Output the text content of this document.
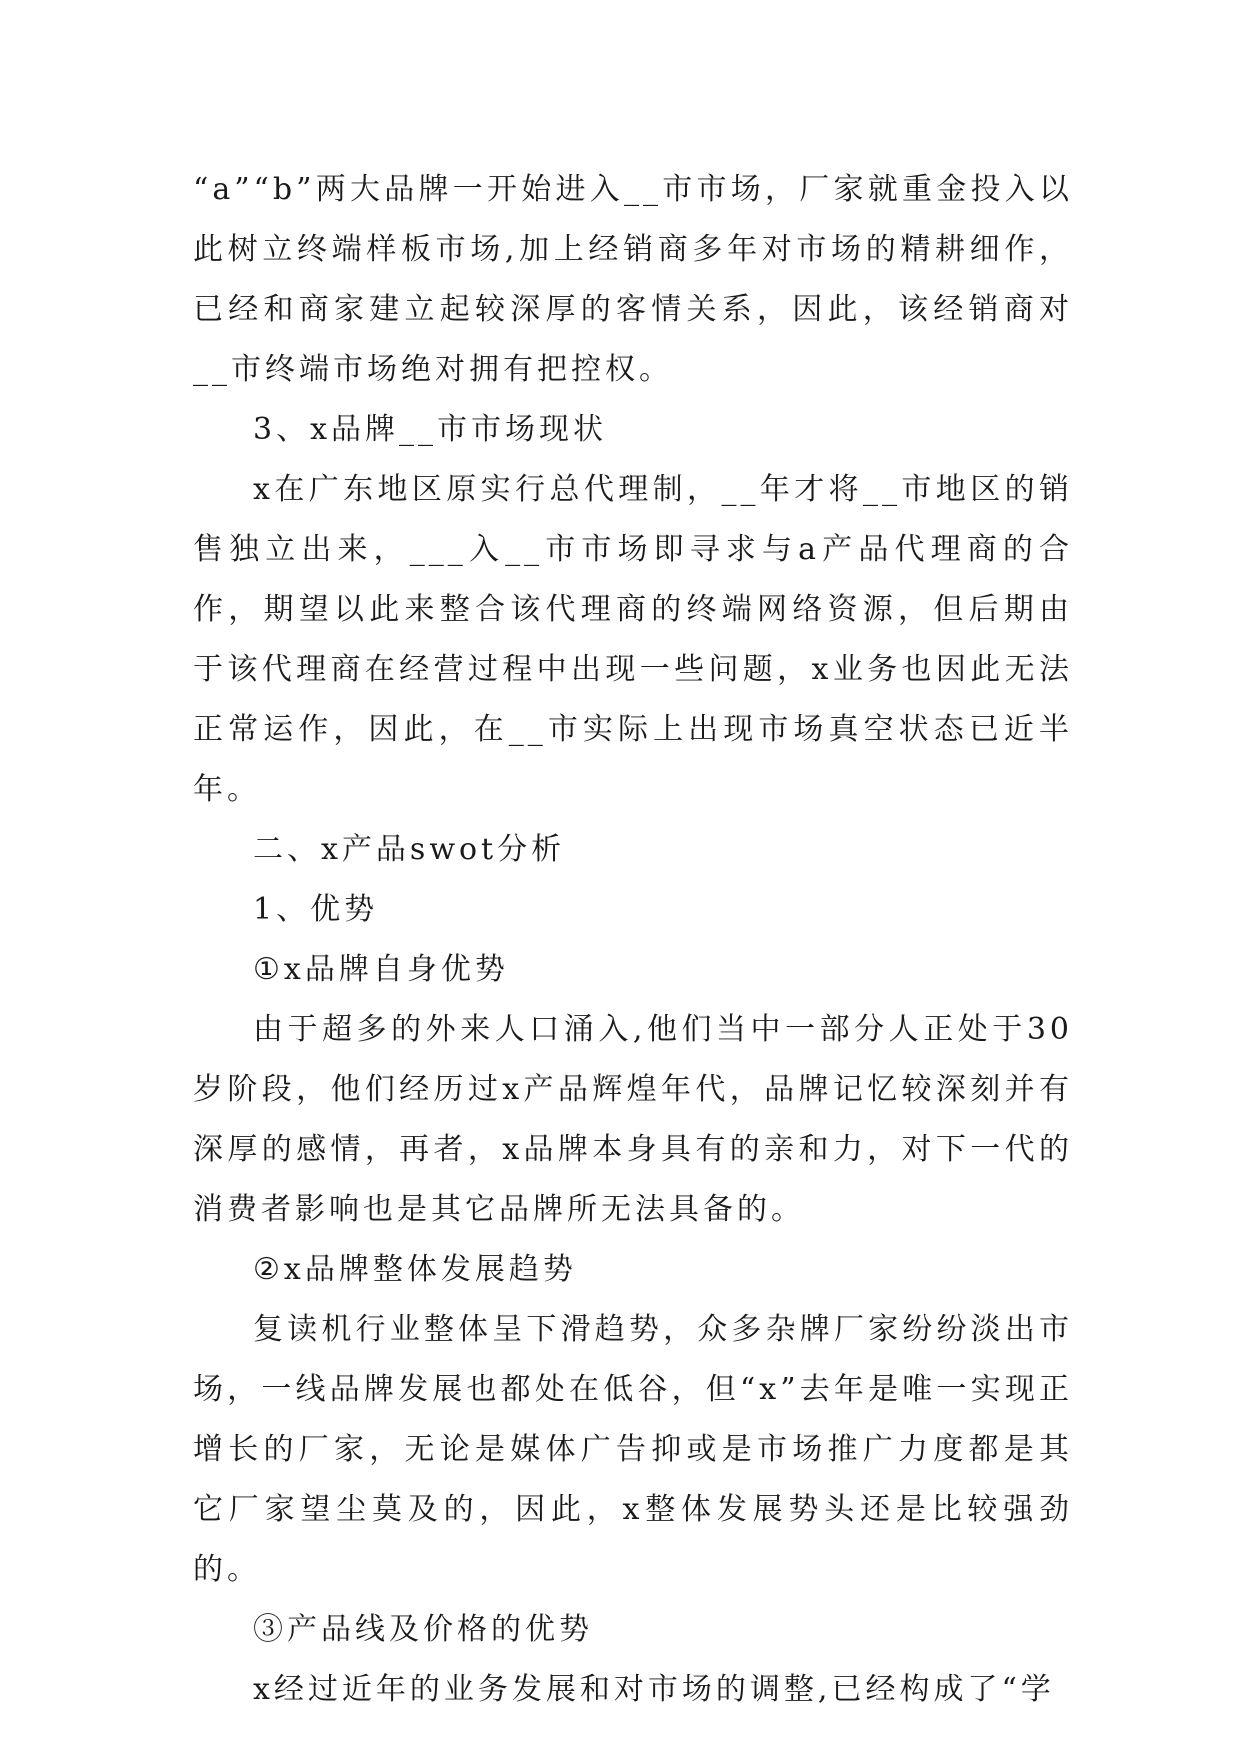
“a”“b”两大品牌一开始进入__市市场，厂家就重金投入以此树立终端样板市场,加上经销商多年对市场的精耕细作，已经和商家建立起较深厚的客情关系，因此，该经销商对__市终端市场绝对拥有把控权。

3、x品牌__市市场现状

x在广东地区原实行总代理制，__年才将__市地区的销售独立出来，___入__市市场即寻求与a产品代理商的合作，期望以此来整合该代理商的终端网络资源，但后期由于该代理商在经营过程中出现一些问题，x业务也因此无法正常运作，因此，在__市实际上出现市场真空状态已近半年。

二、x产品swot分析

1、优势

①x品牌自身优势

由于超多的外来人口涌入,他们当中一部分人正处于30岁阶段，他们经历过x产品辉煌年代，品牌记忆较深刻并有深厚的感情，再者，x品牌本身具有的亲和力，对下一代的消费者影响也是其它品牌所无法具备的。

②x品牌整体发展趋势

复读机行业整体呈下滑趋势，众多杂牌厂家纷纷淡出市场，一线品牌发展也都处在低谷，但“x”去年是唯一实现正增长的厂家，无论是媒体广告抑或是市场推广力度都是其它厂家望尘莫及的，因此，x整体发展势头还是比较强劲的。

③产品线及价格的优势

x经过近年的业务发展和对市场的调整,已经构成了“学
